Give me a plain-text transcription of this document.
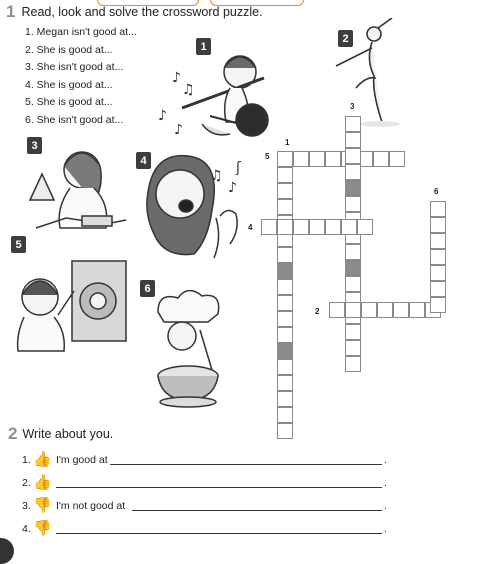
1 Read, look and solve the crossword puzzle.
1. Megan isn't good at...
2. She is good at...
3. She isn't good at...
4. She is good at...
5. She is good at...
6. She isn't good at...
1
2
3
4
5
6
♪
♫
♪
♪
♫
♪
ʃ
1
2
3
4
5
6
2 Write about you.
1. 👍 I'm good at	.
2. 👍	.
3. 👎 I'm not good at	.
4. 👎	.
